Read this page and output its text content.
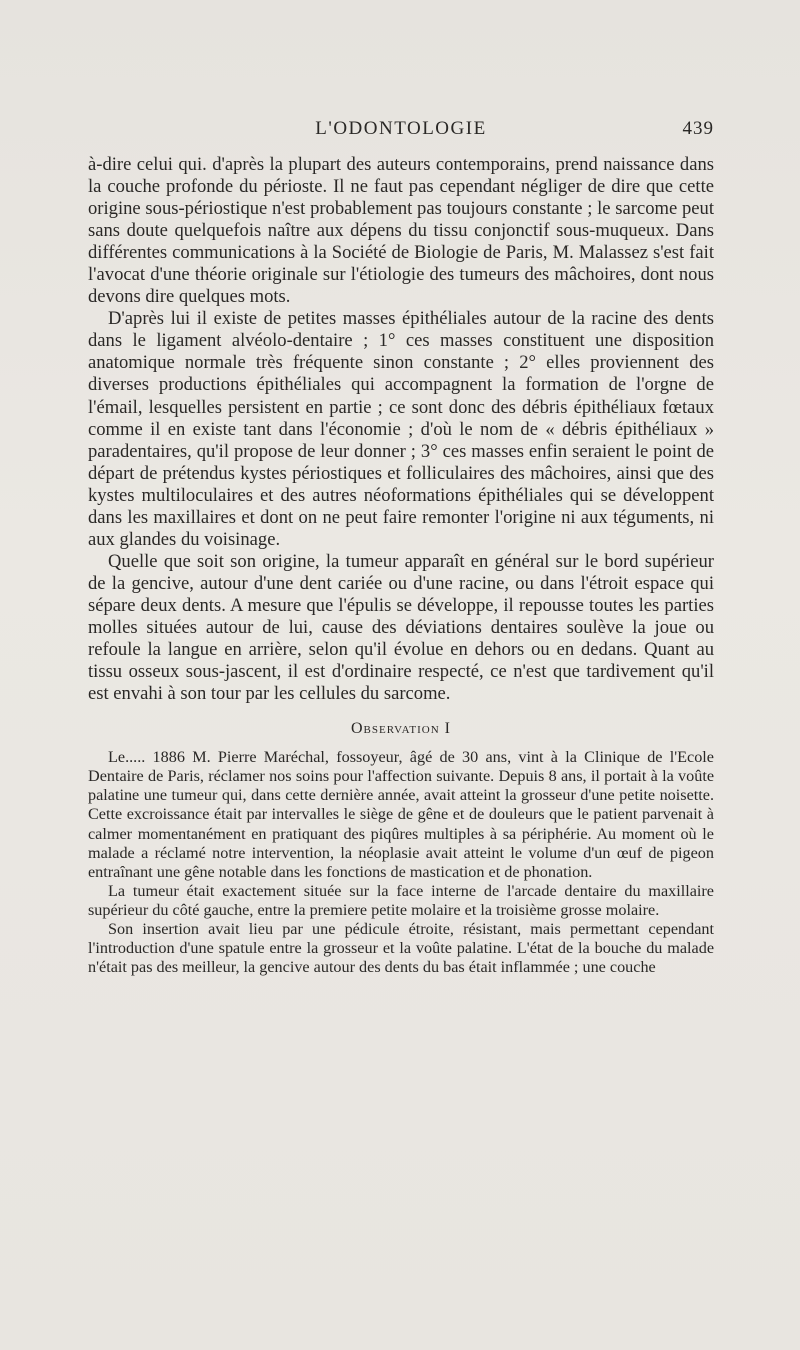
L'ODONTOLOGIE	439

à-dire celui qui. d'après la plupart des auteurs contemporains, prend naissance dans la couche profonde du périoste. Il ne faut pas cependant négliger de dire que cette origine sous-périostique n'est probablement pas toujours constante ; le sarcome peut sans doute quelquefois naître aux dépens du tissu conjonctif sous-muqueux. Dans différentes communications à la Société de Biologie de Paris, M. Malassez s'est fait l'avocat d'une théorie originale sur l'étiologie des tumeurs des mâchoires, dont nous devons dire quelques mots.

D'après lui il existe de petites masses épithéliales autour de la racine des dents dans le ligament alvéolo-dentaire ; 1° ces masses constituent une disposition anatomique normale très fréquente sinon constante ; 2° elles proviennent des diverses productions épithéliales qui accompagnent la formation de l'orgne de l'émail, lesquelles persistent en partie ; ce sont donc des débris épithéliaux fœtaux comme il en existe tant dans l'économie ; d'où le nom de « débris épithéliaux » paradentaires, qu'il propose de leur donner ; 3° ces masses enfin seraient le point de départ de prétendus kystes périostiques et folliculaires des mâchoires, ainsi que des kystes multiloculaires et des autres néoformations épithéliales qui se développent dans les maxillaires et dont on ne peut faire remonter l'origine ni aux téguments, ni aux glandes du voisinage.

Quelle que soit son origine, la tumeur apparaît en général sur le bord supérieur de la gencive, autour d'une dent cariée ou d'une racine, ou dans l'étroit espace qui sépare deux dents. A mesure que l'épulis se développe, il repousse toutes les parties molles situées autour de lui, cause des déviations dentaires soulève la joue ou refoule la langue en arrière, selon qu'il évolue en dehors ou en dedans. Quant au tissu osseux sous-jascent, il est d'ordinaire respecté, ce n'est que tardivement qu'il est envahi à son tour par les cellules du sarcome.

Observation I

Le..... 1886 M. Pierre Maréchal, fossoyeur, âgé de 30 ans, vint à la Clinique de l'Ecole Dentaire de Paris, réclamer nos soins pour l'affection suivante. Depuis 8 ans, il portait à la voûte palatine une tumeur qui, dans cette dernière année, avait atteint la grosseur d'une petite noisette. Cette excroissance était par intervalles le siège de gêne et de douleurs que le patient parvenait à calmer momentanément en pratiquant des piqûres multiples à sa périphérie. Au moment où le malade a réclamé notre intervention, la néoplasie avait atteint le volume d'un œuf de pigeon entraînant une gêne notable dans les fonctions de mastication et de phonation.

La tumeur était exactement située sur la face interne de l'arcade dentaire du maxillaire supérieur du côté gauche, entre la premiere petite molaire et la troisième grosse molaire.

Son insertion avait lieu par une pédicule étroite, résistant, mais permettant cependant l'introduction d'une spatule entre la grosseur et la voûte palatine. L'état de la bouche du malade n'était pas des meilleur, la gencive autour des dents du bas était inflammée ; une couche
